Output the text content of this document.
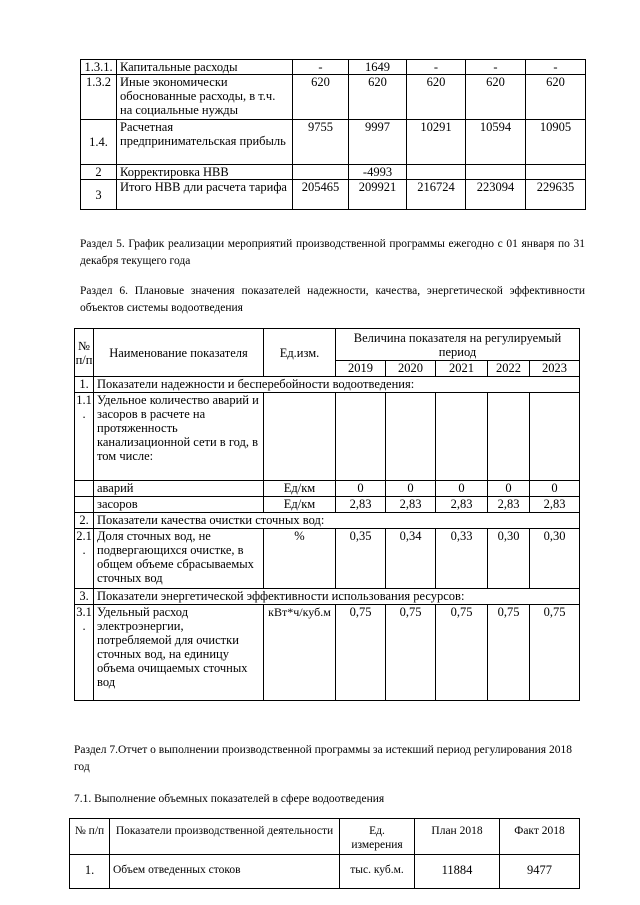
1.3.1.	Капитальные расходы	-	1649	-	-	-
1.3.2	Иные экономически обоснованные расходы, в т.ч. на социальные нужды	620	620	620	620	620
1.4.	Расчетная предпринимательская прибыль	9755	9997	10291	10594	10905
2	Корректировка НВВ		-4993			
3	Итого НВВ дли расчета тарифа	205465	209921	216724	223094	229635
Раздел 5. График реализации мероприятий производственной программы ежегодно с 01 января по 31 декабря текущего года
Раздел 6. Плановые значения показателей надежности, качества, энергетической эффективности объектов системы водоотведения
№ п/п	Наименование показателя	Ед.изм.	Величина показателя на регулируемый период				
			2019	2020	2021	2022	2023
1.	Показатели надежности и бесперебойности водоотведения:						
1.1 .	Удельное количество аварий и засоров в расчете на протяженность канализационной сети в год, в том числе:						
	аварий	Ед/км	0	0	0	0	0
	засоров	Ед/км	2,83	2,83	2,83	2,83	2,83
2.	Показатели качества очистки сточных вод:						
2.1 .	Доля сточных вод, не подвергающихся очистке, в общем объеме сбрасываемых сточных вод	%	0,35	0,34	0,33	0,30	0,30
3.	Показатели энергетической эффективности использования ресурсов:						
3.1 .	Удельный расход электроэнергии, потребляемой для очистки сточных вод, на единицу объема очищаемых сточных вод	кВт*ч/куб.м	0,75	0,75	0,75	0,75	0,75
Раздел 7.Отчет о выполнении производственной программы за истекший период регулирования 2018 год
7.1. Выполнение объемных показателей в сфере водоотведения
№ п/п	Показатели производственной деятельности	Ед. измерения	План 2018	Факт 2018
1.	Объем отведенных стоков	тыс. куб.м.	11884	9477
